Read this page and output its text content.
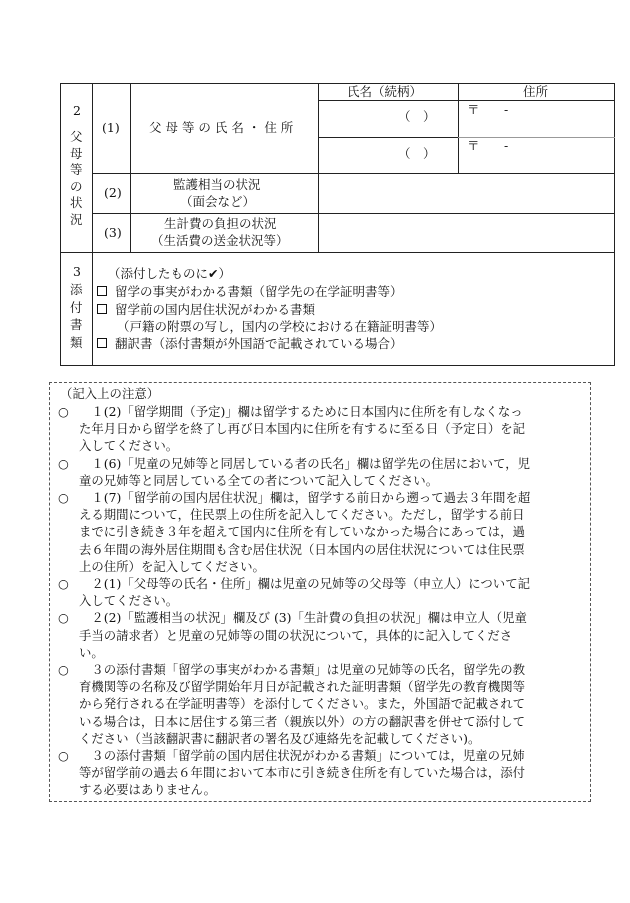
2
父
母
等
の
状
況
氏名（続柄）	住所
(1) 父 母 等 の 氏 名 ・ 住 所
（　）
（　）
〒　 -
〒　 -
(2)
監護相当の状況
（面会など）
(3)
生計費の負担の状況
（生活費の送金状況等）
3
添
付
書
類
（添付したものに✔）
留学の事実がわかる書類（留学先の在学証明書等）
留学前の国内居住状況がわかる書類
（戸籍の附票の写し，国内の学校における在籍証明書等）
翻訳書（添付書類が外国語で記載されている場合）
（記入上の注意）
○ 　１(2)「留学期間（予定)」欄は留学するために日本国内に住所を有しなくなっ
た年月日から留学を終了し再び日本国内に住所を有するに至る日（予定日）を記
入してください。
○ 　１(6)「児童の兄姉等と同居している者の氏名」欄は留学先の住居において，児
童の兄姉等と同居している全ての者について記入してください。
○ 　１(7)「留学前の国内居住状況」欄は，留学する前日から遡って過去３年間を超
える期間について，住民票上の住所を記入してください。ただし，留学する前日
までに引き続き３年を超えて国内に住所を有していなかった場合にあっては，過
去６年間の海外居住期間も含む居住状況（日本国内の居住状況については住民票
上の住所）を記入してください。
○ 　２(1)「父母等の氏名・住所」欄は児童の兄姉等の父母等（申立人）について記
入してください。
○ 　２(2)「監護相当の状況」欄及び (3)「生計費の負担の状況」欄は申立人（児童
手当の請求者）と児童の兄姉等の間の状況について，具体的に記入してくださ
い。
○ 　３の添付書類「留学の事実がわかる書類」は児童の兄姉等の氏名，留学先の教
育機関等の名称及び留学開始年月日が記載された証明書類（留学先の教育機関等
から発行される在学証明書等）を添付してください。また，外国語で記載されて
いる場合は，日本に居住する第三者（親族以外）の方の翻訳書を併せて添付して
ください（当該翻訳書に翻訳者の署名及び連絡先を記載してください)。
○ 　３の添付書類「留学前の国内居住状況がわかる書類」については，児童の兄姉
等が留学前の過去６年間において本市に引き続き住所を有していた場合は，添付
する必要はありません。
